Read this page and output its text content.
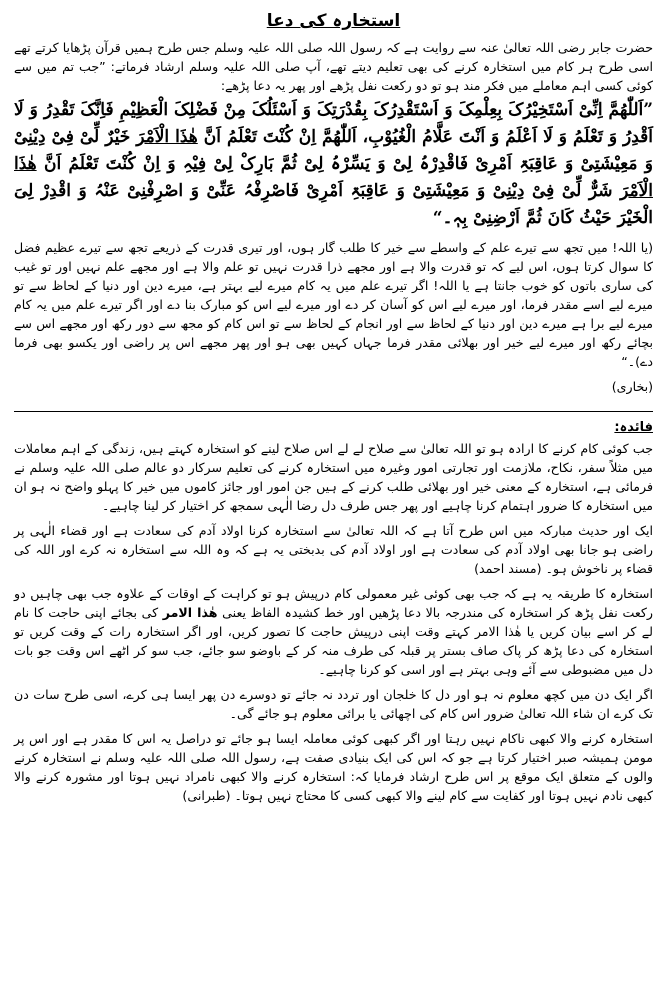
استخارہ کی دعا

حضرت جابر رضی اللہ تعالیٰ عنہ سے روایت ہے کہ رسول اللہ صلی اللہ علیہ وسلم جس طرح ہمیں قرآن پڑھایا کرتے تھے اسی طرح ہر کام میں استخارہ کرنے کی بھی تعلیم دیتے تھے، آپ صلی اللہ علیہ وسلم ارشاد فرماتے: ”جب تم میں سے کوئی کسی اہم معاملے میں فکر مند ہو تو دو رکعت نفل پڑھے اور پھر یہ دعا پڑھے:

”اَللّٰھُمَّ اِنِّیْ اَسْتَخِیْرُکَ بِعِلْمِکَ وَ اَسْتَقْدِرُکَ بِقُدْرَتِکَ وَ اَسْئَلُکَ مِنْ فَضْلِکَ الْعَظِیْمِ فَاِنَّکَ تَقْدِرُ وَ لَا اَقْدِرُ وَ تَعْلَمُ وَ لَا اَعْلَمُ وَ اَنْتَ عَلَّامُ الْغُیُوْبِ، اَللّٰھُمَّ اِنْ کُنْتَ تَعْلَمُ اَنَّ ھٰذَا الْاَمْرَ خَیْرٌ لِّیْ فِیْ دِیْنِیْ وَ مَعِیْشَتِیْ وَ عَاقِبَۃِ اَمْرِیْ فَاقْدِرْہُ لِیْ وَ یَسِّرْہُ لِیْ ثُمَّ بَارِکْ لِیْ فِیْہِ وَ اِنْ کُنْتَ تَعْلَمُ اَنَّ ھٰذَا الْاَمْرَ شَرٌّ لِّیْ فِیْ دِیْنِیْ وَ مَعِیْشَتِیْ وَ عَاقِبَۃِ اَمْرِیْ فَاصْرِفْہُ عَنِّیْ وَ اصْرِفْنِیْ عَنْہُ وَ اقْدِرْ لِیَ الْخَیْرَ حَیْثُ کَانَ ثُمَّ اَرْضِنِیْ بِہٖ۔“

(یا اللہ! میں تجھ سے تیرے علم کے واسطے سے خیر کا طلب گار ہوں، اور تیری قدرت کے ذریعے تجھ سے تیرے عظیم فضل کا سوال کرتا ہوں، اس لیے کہ تو قدرت والا ہے اور مجھے ذرا قدرت نہیں تو علم والا ہے اور مجھے علم نہیں اور تو غیب کی ساری باتوں کو خوب جانتا ہے یا اللہ! اگر تیرے علم میں یہ کام میرے لیے بہتر ہے، میرے دین اور دنیا کے لحاظ سے تو میرے لیے اسے مقدر فرما، اور میرے لیے اس کو آسان کر دے اور میرے لیے اس کو مبارک بنا دے اور اگر تیرے علم میں یہ کام میرے لیے برا ہے میرے دین اور دنیا کے لحاظ سے اور انجام کے لحاظ سے تو اس کام کو مجھ سے دور رکھ اور مجھے اس سے بچائے رکھ اور میرے لیے خیر اور بھلائی مقدر فرما جہاں کہیں بھی ہو اور پھر مجھے اس پر راضی اور یکسو بھی فرما دے)۔“

(بخاری)

فائدہ:

جب کوئی کام کرنے کا ارادہ ہو تو اللہ تعالیٰ سے صلاح لے لے اس صلاح لینے کو استخارہ کہتے ہیں، زندگی کے اہم معاملات میں مثلاً سفر، نکاح، ملازمت اور تجارتی امور وغیرہ میں استخارہ کرنے کی تعلیم سرکار دو عالم صلی اللہ علیہ وسلم نے فرمائی ہے، استخارہ کے معنی خیر اور بھلائی طلب کرنے کے ہیں جن امور اور جائز کاموں میں خیر کا پہلو واضح نہ ہو ان میں استخارہ کا ضرور اہتمام کرنا چاہیے اور پھر جس طرف دل رضا الٰہی سمجھ کر اختیار کر لینا چاہیے۔

ایک اور حدیث مبارکہ میں اس طرح آتا ہے کہ اللہ تعالیٰ سے استخارہ کرنا اولاد آدم کی سعادت ہے اور قضاء الٰہی پر راضی ہو جانا بھی اولاد آدم کی سعادت ہے اور اولاد آدم کی بدبختی یہ ہے کہ وہ اللہ سے استخارہ نہ کرے اور اللہ کی قضاء پر ناخوش ہو۔ (مسند احمد)

استخارہ کا طریقہ یہ ہے کہ جب بھی کوئی غیر معمولی کام درپیش ہو تو کراہت کے اوقات کے علاوہ جب بھی چاہیں دو رکعت نفل پڑھ کر استخارہ کی مندرجہ بالا دعا پڑھیں اور خط کشیدہ الفاظ یعنی ھٰذا الامر کی بجائے اپنی حاجت کا نام لے کر اسے بیان کریں یا ھٰذا الامر کہتے وقت اپنی درپیش حاجت کا تصور کریں، اور اگر استخارہ رات کے وقت کریں تو استخارہ کی دعا پڑھ کر پاک صاف بستر پر قبلہ کی طرف منہ کر کے باوضو سو جائے، جب سو کر اٹھے اس وقت جو بات دل میں مضبوطی سے آئے وہی بہتر ہے اور اسی کو کرنا چاہیے۔

اگر ایک دن میں کچھ معلوم نہ ہو اور دل کا خلجان اور تردد نہ جائے تو دوسرے دن پھر ایسا ہی کرے، اسی طرح سات دن تک کرے ان شاء اللہ تعالیٰ ضرور اس کام کی اچھائی یا برائی معلوم ہو جائے گی۔

استخارہ کرنے والا کبھی ناکام نہیں رہتا اور اگر کبھی کوئی معاملہ ایسا ہو جائے تو دراصل یہ اس کا مقدر ہے اور اس پر مومن ہمیشہ صبر اختیار کرتا ہے جو کہ اس کی ایک بنیادی صفت ہے، رسول اللہ صلی اللہ علیہ وسلم نے استخارہ کرنے والوں کے متعلق ایک موقع پر اس طرح ارشاد فرمایا کہ: استخارہ کرنے والا کبھی نامراد نہیں ہوتا اور مشورہ کرنے والا کبھی نادم نہیں ہوتا اور کفایت سے کام لینے والا کبھی کسی کا محتاج نہیں ہوتا۔ (طبرانی)
